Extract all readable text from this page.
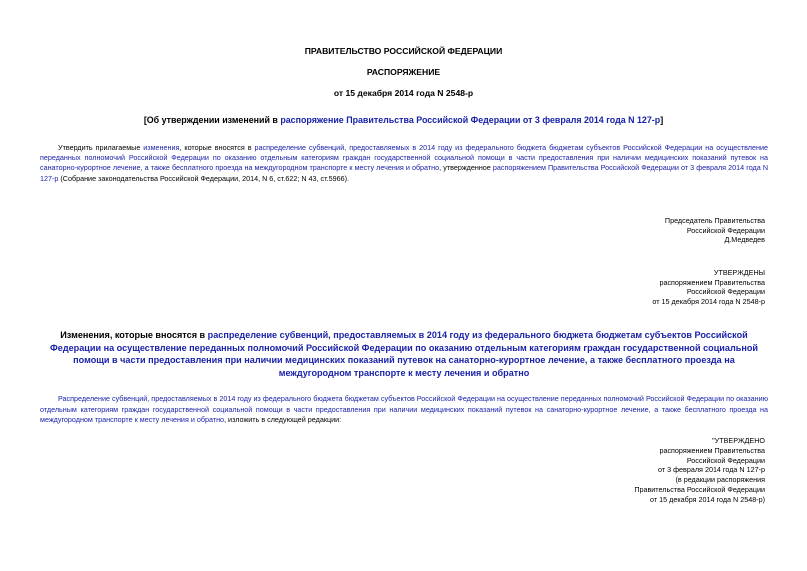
ПРАВИТЕЛЬСТВО РОССИЙСКОЙ ФЕДЕРАЦИИ
РАСПОРЯЖЕНИЕ
от 15 декабря 2014 года N 2548-р
[Об утверждении изменений в распоряжение Правительства Российской Федерации от 3 февраля 2014 года N 127-р]

Утвердить прилагаемые изменения, которые вносятся в распределение субвенций, предоставляемых в 2014 году из федерального бюджета бюджетам субъектов Российской Федерации на осуществление переданных полномочий Российской Федерации по оказанию отдельным категориям граждан государственной социальной помощи в части предоставления при наличии медицинских показаний путевок на санаторно-курортное лечение, а также бесплатного проезда на междугородном транспорте к месту лечения и обратно, утвержденное распоряжением Правительства Российской Федерации от 3 февраля 2014 года N 127-р (Собрание законодательства Российской Федерации, 2014, N 6, ст.622; N 43, ст.5966).

Председатель Правительства
Российской Федерации
Д.Медведев
УТВЕРЖДЕНЫ
распоряжением Правительства
Российской Федерации
от 15 декабря 2014 года N 2548-р
Изменения, которые вносятся в распределение субвенций, предоставляемых в 2014 году из федерального бюджета бюджетам субъектов Российской Федерации на осуществление переданных полномочий Российской Федерации по оказанию отдельным категориям граждан государственной социальной помощи в части предоставления при наличии медицинских показаний путевок на санаторно-курортное лечение, а также бесплатного проезда на междугородном транспорте к месту лечения и обратно

Распределение субвенций, предоставляемых в 2014 году из федерального бюджета бюджетам субъектов Российской Федерации на осуществление переданных полномочий Российской Федерации по оказанию отдельным категориям граждан государственной социальной помощи в части предоставления при наличии медицинских показаний путевок на санаторно-курортное лечение, а также бесплатного проезда на междугородном транспорте к месту лечения и обратно, изложить в следующей редакции:

"УТВЕРЖДЕНО
распоряжением Правительства
Российской Федерации
от 3 февраля 2014 года N 127-р
(в редакции распоряжения
Правительства Российской Федерации
от 15 декабря 2014 года N 2548-р)
